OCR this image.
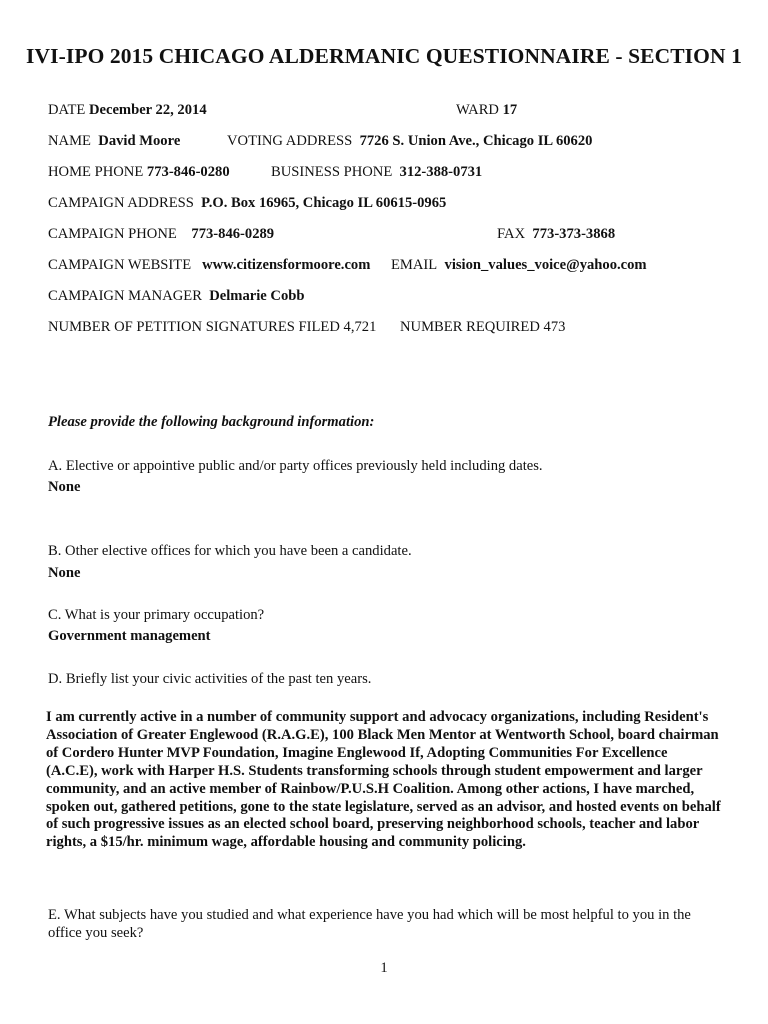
IVI-IPO 2015 CHICAGO ALDERMANIC QUESTIONNAIRE - SECTION 1
DATE December 22, 2014	WARD 17
NAME David Moore	VOTING ADDRESS 7726 S. Union Ave., Chicago IL 60620
HOME PHONE 773-846-0280	BUSINESS PHONE 312-388-0731
CAMPAIGN ADDRESS P.O. Box 16965, Chicago IL 60615-0965
CAMPAIGN PHONE 773-846-0289	FAX 773-373-3868
CAMPAIGN WEBSITE www.citizensformoore.com EMAIL vision_values_voice@yahoo.com
CAMPAIGN MANAGER Delmarie Cobb
NUMBER OF PETITION SIGNATURES FILED 4,721 NUMBER REQUIRED 473
Please provide the following background information:
A. Elective or appointive public and/or party offices previously held including dates.
None
B. Other elective offices for which you have been a candidate.
None
C. What is your primary occupation?
Government management
D. Briefly list your civic activities of the past ten years.
I am currently active in a number of community support and advocacy organizations, including Resident's Association of Greater Englewood (R.A.G.E), 100 Black Men Mentor at Wentworth School, board chairman of Cordero Hunter MVP Foundation, Imagine Englewood If, Adopting Communities For Excellence (A.C.E), work with Harper H.S. Students transforming schools through student empowerment and larger community, and an active member of Rainbow/P.U.S.H Coalition. Among other actions, I have marched, spoken out, gathered petitions, gone to the state legislature, served as an advisor, and hosted events on behalf of such progressive issues as an elected school board, preserving neighborhood schools, teacher and labor rights, a $15/hr. minimum wage, affordable housing and community policing.
E. What subjects have you studied and what experience have you had which will be most helpful to you in the
office you seek?
1
